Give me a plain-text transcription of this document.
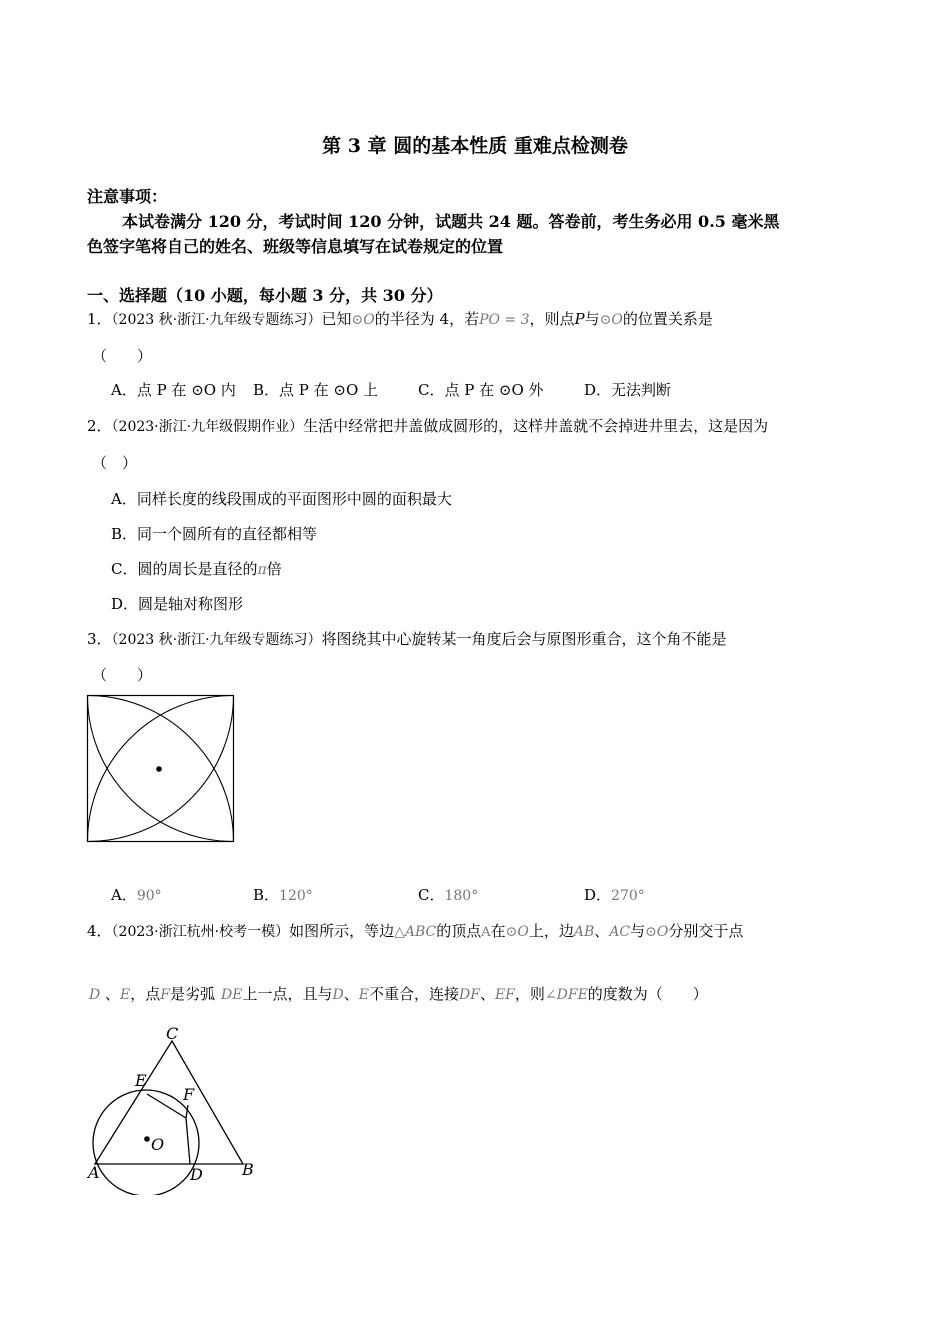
第 3 章 圆的基本性质 重难点检测卷
注意事项：
本试卷满分 120 分，考试时间 120 分钟，试题共 24 题。答卷前，考生务必用 0.5 毫米黑
色签字笔将自己的姓名、班级等信息填写在试卷规定的位置
一、选择题（10 小题，每小题 3 分，共 30 分）
1．（2023 秋·浙江·九年级专题练习）已知⊙O的半径为 4，若PO = 3，则点P与⊙O的位置关系是
（　　）
A．点 P 在 ⊙O 内 B．点 P 在 ⊙O 上	C．点 P 在 ⊙O 外	D．无法判断
2．（2023·浙江·九年级假期作业）生活中经常把井盖做成圆形的，这样井盖就不会掉进井里去，这是因为
（　）
A．同样长度的线段围成的平面图形中圆的面积最大
B．同一个圆所有的直径都相等
C．圆的周长是直径的π倍
D．圆是轴对称图形
3．（2023 秋·浙江·九年级专题练习）将图绕其中心旋转某一角度后会与原图形重合，这个角不能是
（　　）
A．90°	B．120°	C．180°	D．270°
4．（2023·浙江杭州·校考一模）如图所示，等边△ABC的顶点A在⊙O上，边AB、AC与⊙O分别交于点
D 、E，点F是劣弧 DE上一点，且与D、E不重合，连接DF、EF，则∠DFE的度数为（　　）
C
E
F
O
A	D B
